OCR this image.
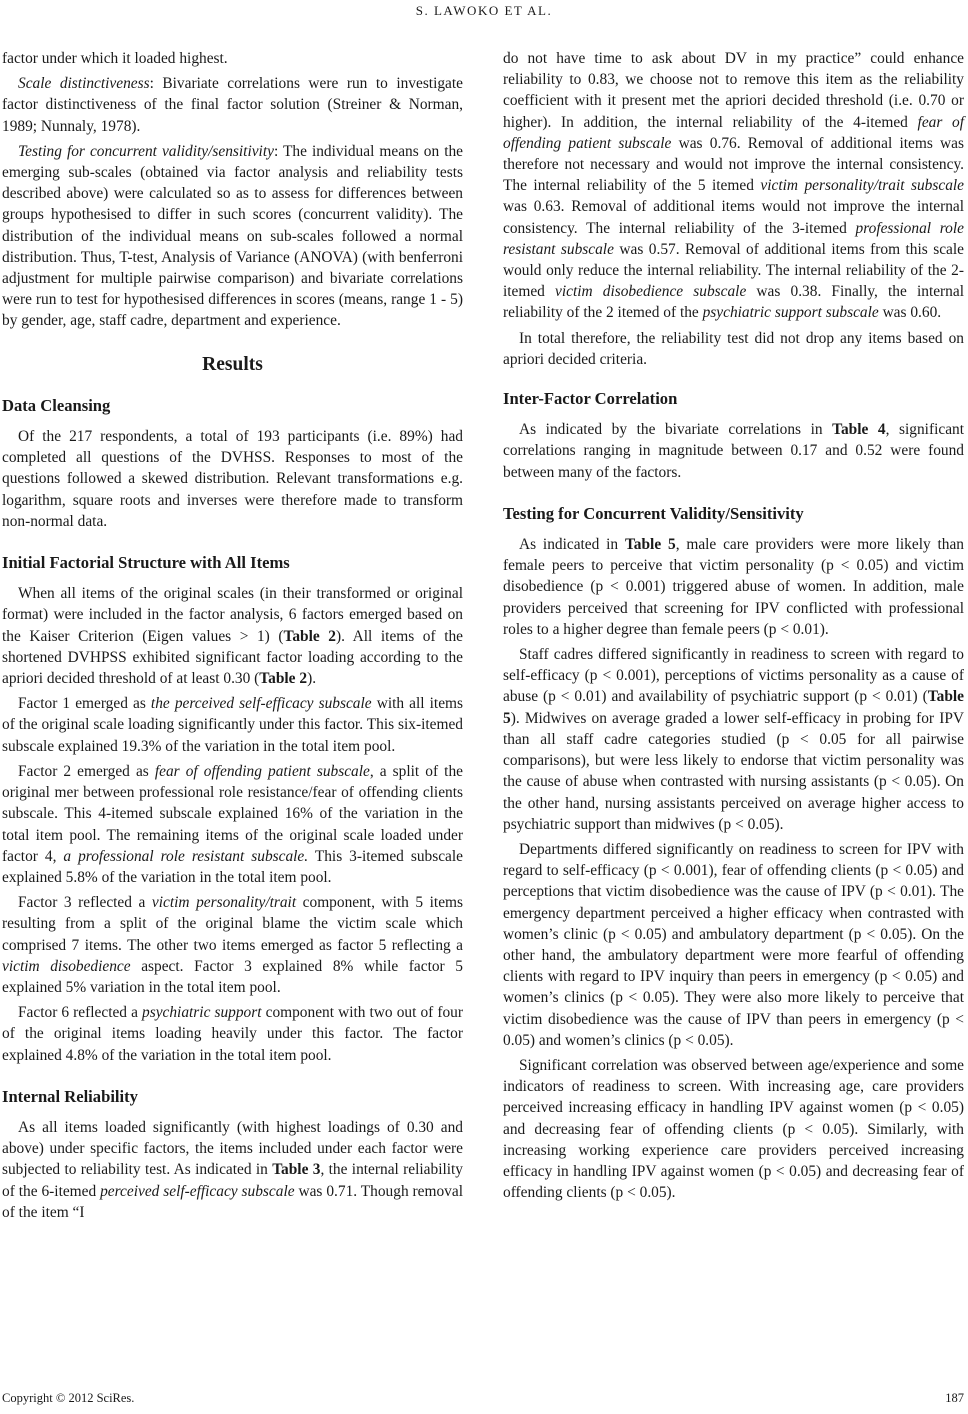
S. LAWOKO ET AL.

factor under which it loaded highest.

Scale distinctiveness: Bivariate correlations were run to investigate factor distinctiveness of the final factor solution (Streiner & Norman, 1989; Nunnaly, 1978).

Testing for concurrent validity/sensitivity: The individual means on the emerging sub-scales (obtained via factor analysis and reliability tests described above) were calculated so as to assess for differences between groups hypothesised to differ in such scores (concurrent validity). The distribution of the individual means on sub-scales followed a normal distribution. Thus, T-test, Analysis of Variance (ANOVA) (with benferroni adjustment for multiple pairwise comparison) and bivariate correlations were run to test for hypothesised differences in scores (means, range 1 - 5) by gender, age, staff cadre, department and experience.

Results
Data Cleansing

Of the 217 respondents, a total of 193 participants (i.e. 89%) had completed all questions of the DVHSS. Responses to most of the questions followed a skewed distribution. Relevant transformations e.g. logarithm, square roots and inverses were therefore made to transform non-normal data.

Initial Factorial Structure with All Items

When all items of the original scales (in their transformed or original format) were included in the factor analysis, 6 factors emerged based on the Kaiser Criterion (Eigen values > 1) (Table 2). All items of the shortened DVHPSS exhibited significant factor loading according to the apriori decided threshold of at least 0.30 (Table 2).

Factor 1 emerged as the perceived self-efficacy subscale with all items of the original scale loading significantly under this factor. This six-itemed subscale explained 19.3% of the variation in the total item pool.

Factor 2 emerged as fear of offending patient subscale, a split of the original mer between professional role resistance/fear of offending clients subscale. This 4-itemed subscale explained 16% of the variation in the total item pool. The remaining items of the original scale loaded under factor 4, a professional role resistant subscale. This 3-itemed subscale explained 5.8% of the variation in the total item pool.

Factor 3 reflected a victim personality/trait component, with 5 items resulting from a split of the original blame the victim scale which comprised 7 items. The other two items emerged as factor 5 reflecting a victim disobedience aspect. Factor 3 explained 8% while factor 5 explained 5% variation in the total item pool.

Factor 6 reflected a psychiatric support component with two out of four of the original items loading heavily under this factor. The factor explained 4.8% of the variation in the total item pool.

Internal Reliability

As all items loaded significantly (with highest loadings of 0.30 and above) under specific factors, the items included under each factor were subjected to reliability test. As indicated in Table 3, the internal reliability of the 6-itemed perceived self-efficacy subscale was 0.71. Though removal of the item “I

do not have time to ask about DV in my practice” could enhance reliability to 0.83, we choose not to remove this item as the reliability coefficient with it present met the apriori decided threshold (i.e. 0.70 or higher). In addition, the internal reliability of the 4-itemed fear of offending patient subscale was 0.76. Removal of additional items was therefore not necessary and would not improve the internal consistency. The internal reliability of the 5 itemed victim personality/trait subscale was 0.63. Removal of additional items would not improve the internal consistency. The internal reliability of the 3-itemed professional role resistant subscale was 0.57. Removal of additional items from this scale would only reduce the internal reliability. The internal reliability of the 2-itemed victim disobedience subscale was 0.38. Finally, the internal reliability of the 2 itemed of the psychiatric support subscale was 0.60.

In total therefore, the reliability test did not drop any items based on apriori decided criteria.

Inter-Factor Correlation

As indicated by the bivariate correlations in Table 4, significant correlations ranging in magnitude between 0.17 and 0.52 were found between many of the factors.

Testing for Concurrent Validity/Sensitivity

As indicated in Table 5, male care providers were more likely than female peers to perceive that victim personality (p < 0.05) and victim disobedience (p < 0.001) triggered abuse of women. In addition, male providers perceived that screening for IPV conflicted with professional roles to a higher degree than female peers (p < 0.01).

Staff cadres differed significantly in readiness to screen with regard to self-efficacy (p < 0.001), perceptions of victims personality as a cause of abuse (p < 0.01) and availability of psychiatric support (p < 0.01) (Table 5). Midwives on average graded a lower self-efficacy in probing for IPV than all staff cadre categories studied (p < 0.05 for all pairwise comparisons), but were less likely to endorse that victim personality was the cause of abuse when contrasted with nursing assistants (p < 0.05). On the other hand, nursing assistants perceived on average higher access to psychiatric support than midwives (p < 0.05).

Departments differed significantly on readiness to screen for IPV with regard to self-efficacy (p < 0.001), fear of offending clients (p < 0.05) and perceptions that victim disobedience was the cause of IPV (p < 0.01). The emergency department perceived a higher efficacy when contrasted with women’s clinic (p < 0.05) and ambulatory department (p < 0.05). On the other hand, the ambulatory department were more fearful of offending clients with regard to IPV inquiry than peers in emergency (p < 0.05) and women’s clinics (p < 0.05). They were also more likely to perceive that victim disobedience was the cause of IPV than peers in emergency (p < 0.05) and women’s clinics (p < 0.05).

Significant correlation was observed between age/experience and some indicators of readiness to screen. With increasing age, care providers perceived increasing efficacy in handling IPV against women (p < 0.05) and decreasing fear of offending clients (p < 0.05). Similarly, with increasing working experience care providers perceived increasing efficacy in handling IPV against women (p < 0.05) and decreasing fear of offending clients (p < 0.05).

Copyright © 2012 SciRes.	187
